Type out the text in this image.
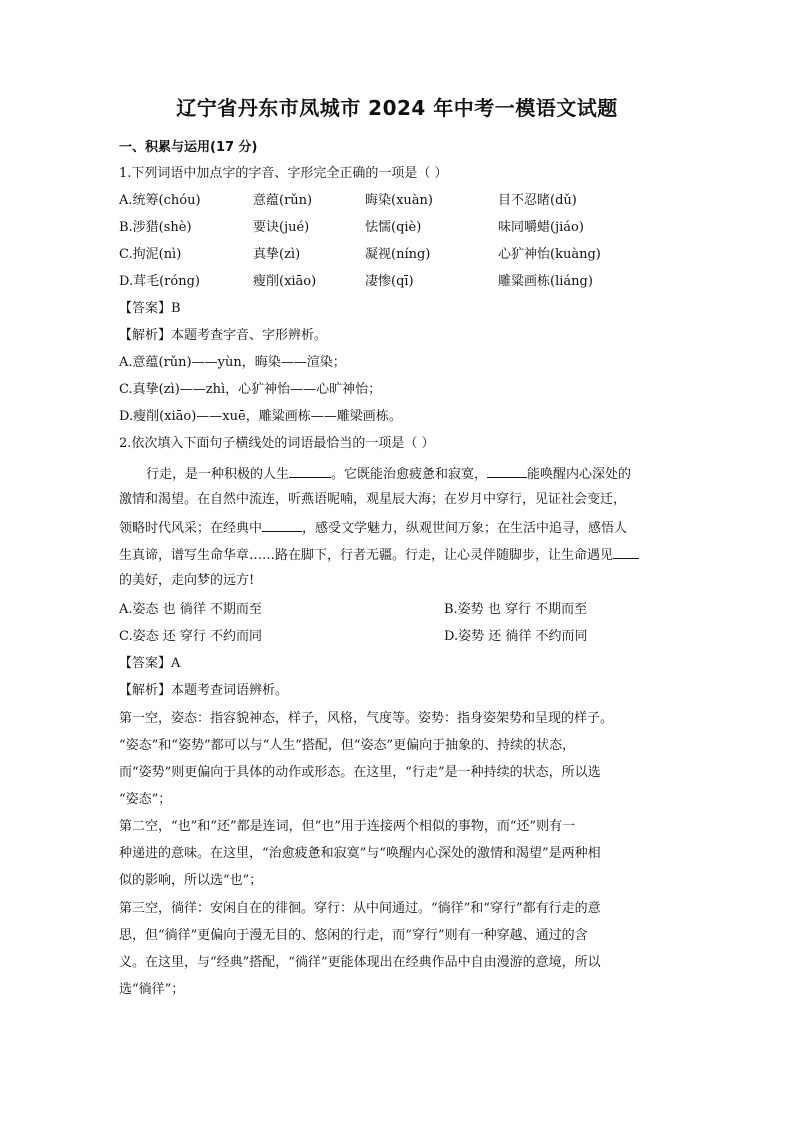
辽宁省丹东市凤城市 2024 年中考一模语文试题
一、积累与运用(17 分)
1.下列词语中加点字的字音、字形完全正确的一项是（ ）
A.统筹(chóu)	意蕴(rǔn)	晦染(xuàn)	目不忍睹(dǔ)
B.涉猎(shè)	要诀(jué)	怯懦(qiè)	味同嚼蜡(jiáo)
C.拘泥(nì)	真挚(zì)	凝视(níng)	心犷神怡(kuàng)
D.茸毛(róng)	瘦削(xiāo)	凄惨(qī)	雕粱画栋(liáng)
【答案】B
【解析】本题考查字音、字形辨析。
A.意蕴(rǔn)——yùn，晦染——渲染；
C.真挚(zì)——zhì，心犷神怡——心旷神怡；
D.瘦削(xiāo)——xuē，雕粱画栋——雕梁画栋。
2.依次填入下面句子横线处的词语最恰当的一项是（ ）
行走，是一种积极的人生	。它既能治愈疲惫和寂寞，	能唤醒内心深处的
激情和渴望。在自然中流连，听燕语呢喃，观星辰大海；在岁月中穿行，见证社会变迁，
领略时代风采；在经典中	，感受文学魅力，纵观世间万象；在生活中追寻，感悟人
生真谛，谱写生命华章……路在脚下，行者无疆。行走，让心灵伴随脚步，让生命遇见
的美好，走向梦的远方!
A.姿态 也 徜徉 不期而至	B.姿势 也 穿行 不期而至
C.姿态 还 穿行 不约而同	D.姿势 还 徜徉 不约而同
【答案】A
【解析】本题考查词语辨析。
第一空，姿态：指容貌神态，样子，风格，气度等。姿势：指身姿架势和呈现的样子。
“姿态”和“姿势”都可以与“人生”搭配，但“姿态”更偏向于抽象的、持续的状态，
而“姿势”则更偏向于具体的动作或形态。在这里，“行走”是一种持续的状态，所以选
“姿态”；
第二空，“也”和“还”都是连词，但“也”用于连接两个相似的事物，而“还”则有一
种递进的意味。在这里，“治愈疲惫和寂寞”与“唤醒内心深处的激情和渴望”是两种相
似的影响，所以选“也”；
第三空，徜徉：安闲自在的徘徊。穿行：从中间通过。“徜徉”和“穿行”都有行走的意
思，但“徜徉”更偏向于漫无目的、悠闲的行走，而“穿行”则有一种穿越、通过的含
义。在这里，与“经典”搭配，“徜徉”更能体现出在经典作品中自由漫游的意境，所以
选“徜徉”；
